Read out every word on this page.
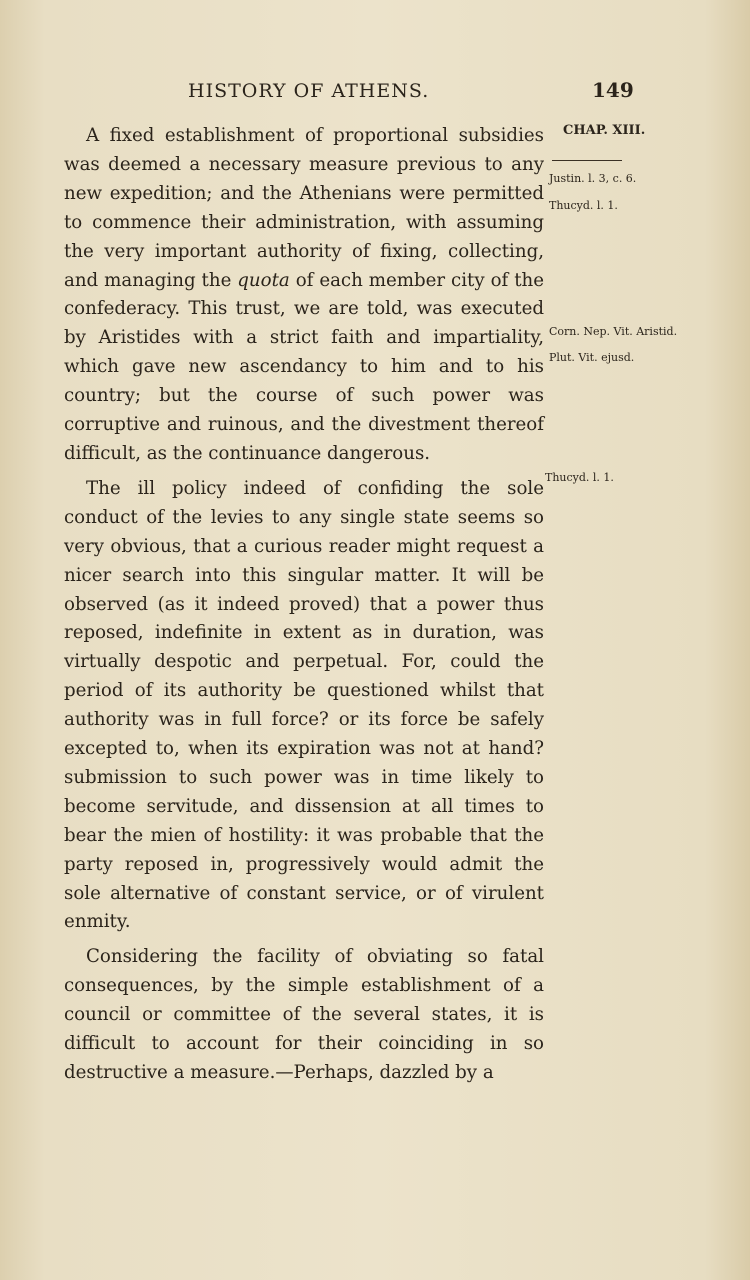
HISTORY OF ATHENS.	149
CHAP. XIII.
Justin. l. 3, c. 6.
Thucyd. l. 1.
Corn. Nep. Vit. Aristid.
Plut. Vit. ejusd.
Thucyd. l. 1.

A fixed establishment of proportional subsidies was deemed a necessary measure previous to any new expedition; and the Athenians were permitted to commence their administration, with assuming the very important authority of fixing, collecting, and managing the quota of each member city of the confederacy. This trust, we are told, was executed by Aristides with a strict faith and impartiality, which gave new ascendancy to him and to his country; but the course of such power was corruptive and ruinous, and the divestment thereof difficult, as the continuance dangerous.

The ill policy indeed of confiding the sole conduct of the levies to any single state seems so very obvious, that a curious reader might request a nicer search into this singular matter. It will be observed (as it indeed proved) that a power thus reposed, indefinite in extent as in duration, was virtually despotic and perpetual. For, could the period of its authority be questioned whilst that authority was in full force? or its force be safely excepted to, when its expiration was not at hand? submission to such power was in time likely to become servitude, and dissension at all times to bear the mien of hostility: it was probable that the party reposed in, progressively would admit the sole alternative of constant service, or of virulent enmity.

Considering the facility of obviating so fatal consequences, by the simple establishment of a council or committee of the several states, it is difficult to account for their coinciding in so destructive a measure.—Perhaps, dazzled by a
